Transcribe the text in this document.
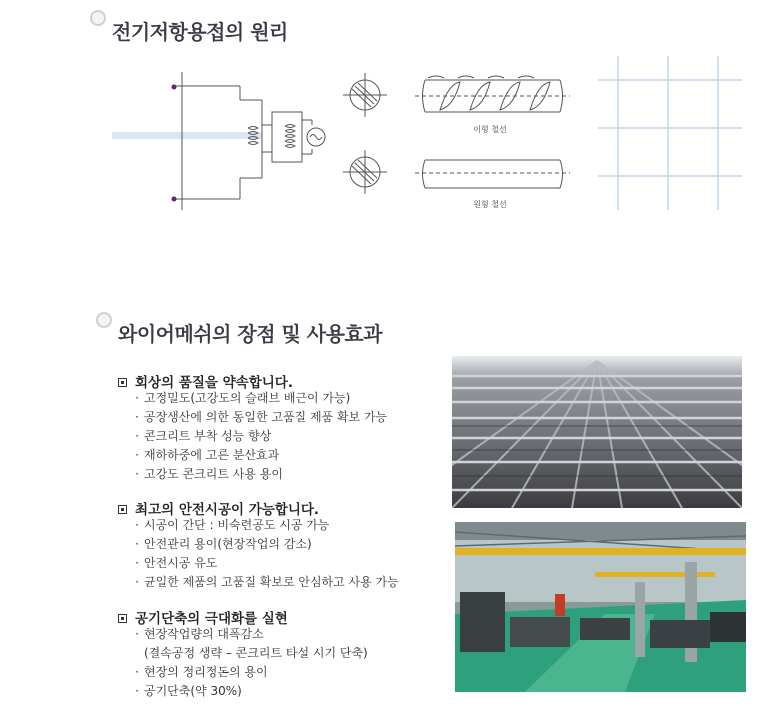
전기저항용접의 원리
이형 철선
원형 철선
와이어메쉬의 장점 및 사용효과
회상의 품질을 약속합니다.
· 고정밀도(고강도의 슬래브 배근이 가능)
· 공장생산에 의한 동일한 고품질 제품 확보 가능
· 콘크리트 부착 성능 향상
· 재하하중에 고른 분산효과
· 고강도 콘크리트 사용 용이
최고의 안전시공이 가능합니다.
· 시공이 간단 : 비숙련공도 시공 가능
· 안전관리 용이(현장작업의 감소)
· 안전시공 유도
· 균일한 제품의 고품질 확보로 안심하고 사용 가능
공기단축의 극대화를 실현
· 현장작업량의 대폭감소
(결속공정 생략 – 콘크리트 타설 시기 단축)
· 현장의 정리정돈의 용이
· 공기단축(약 30%)
